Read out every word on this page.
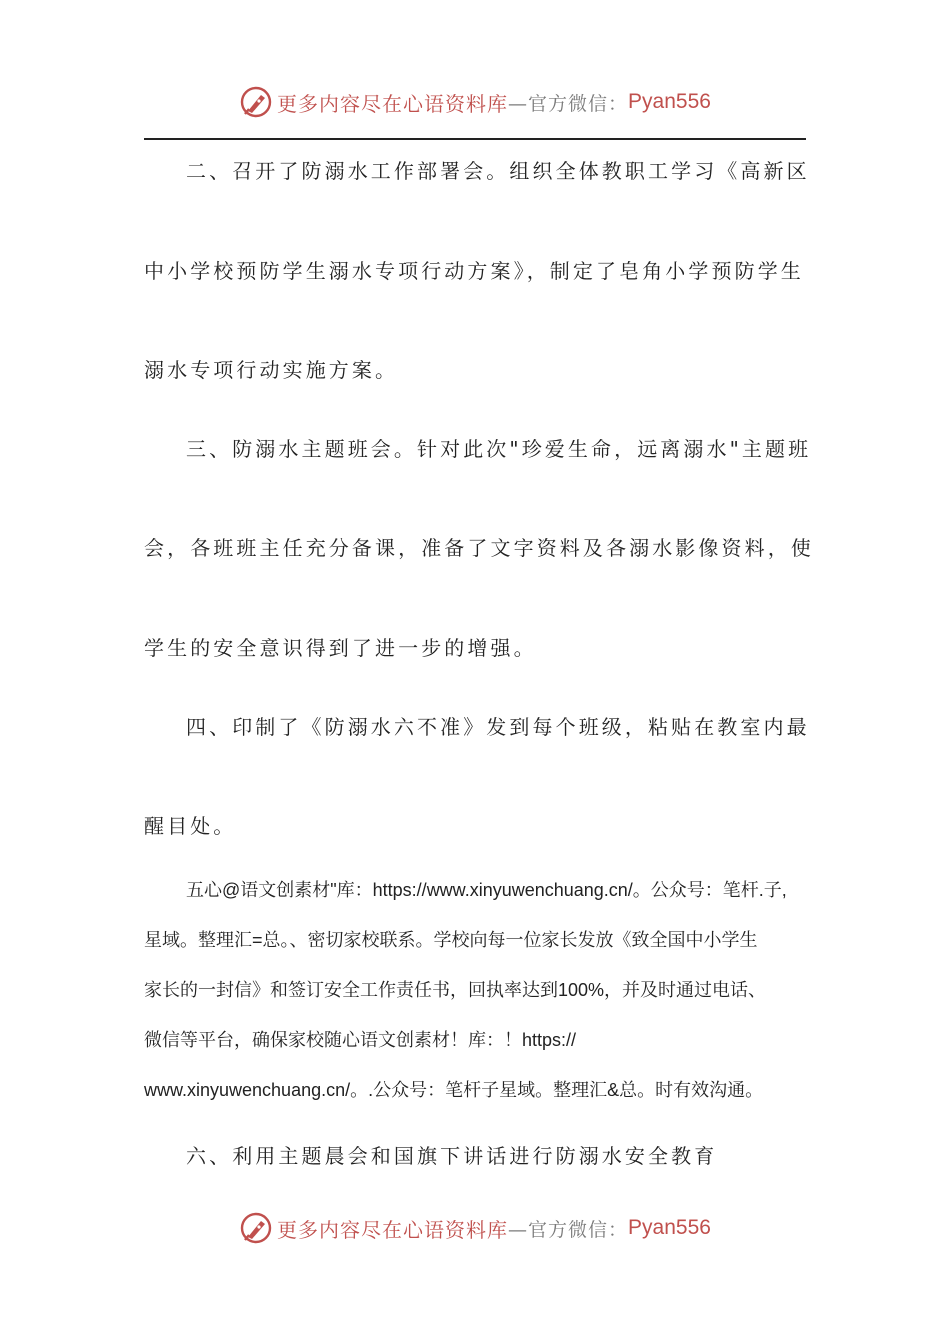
更多内容尽在心语资料库 —官方微信： Pyan556
二、召开了防溺水工作部署会。组织全体教职工学习《高新区
中小学校预防学生溺水专项行动方案》，制定了皂角小学预防学生
溺水专项行动实施方案。
三、防溺水主题班会。针对此次"珍爱生命，远离溺水"主题班
会，各班班主任充分备课，准备了文字资料及各溺水影像资料，使
学生的安全意识得到了进一步的增强。
四、印制了《防溺水六不准》发到每个班级，粘贴在教室内最
醒目处。
五心@语文创素材"库：https://www.xinyuwenchuang.cn/。公众号：笔杆.子,
星域。整理汇=总。、密切家校联系。学校向每一位家长发放《致全国中小学生
家长的一封信》和签订安全工作责任书，回执率达到100%，并及时通过电话、
微信等平台，确保家校随心语文创素材！库：！https://
www.xinyuwenchuang.cn/。.公众号：笔杆子星域。整理汇&总。时有效沟通。
六、利用主题晨会和国旗下讲话进行防溺水安全教育
更多内容尽在心语资料库 —官方微信： Pyan556
